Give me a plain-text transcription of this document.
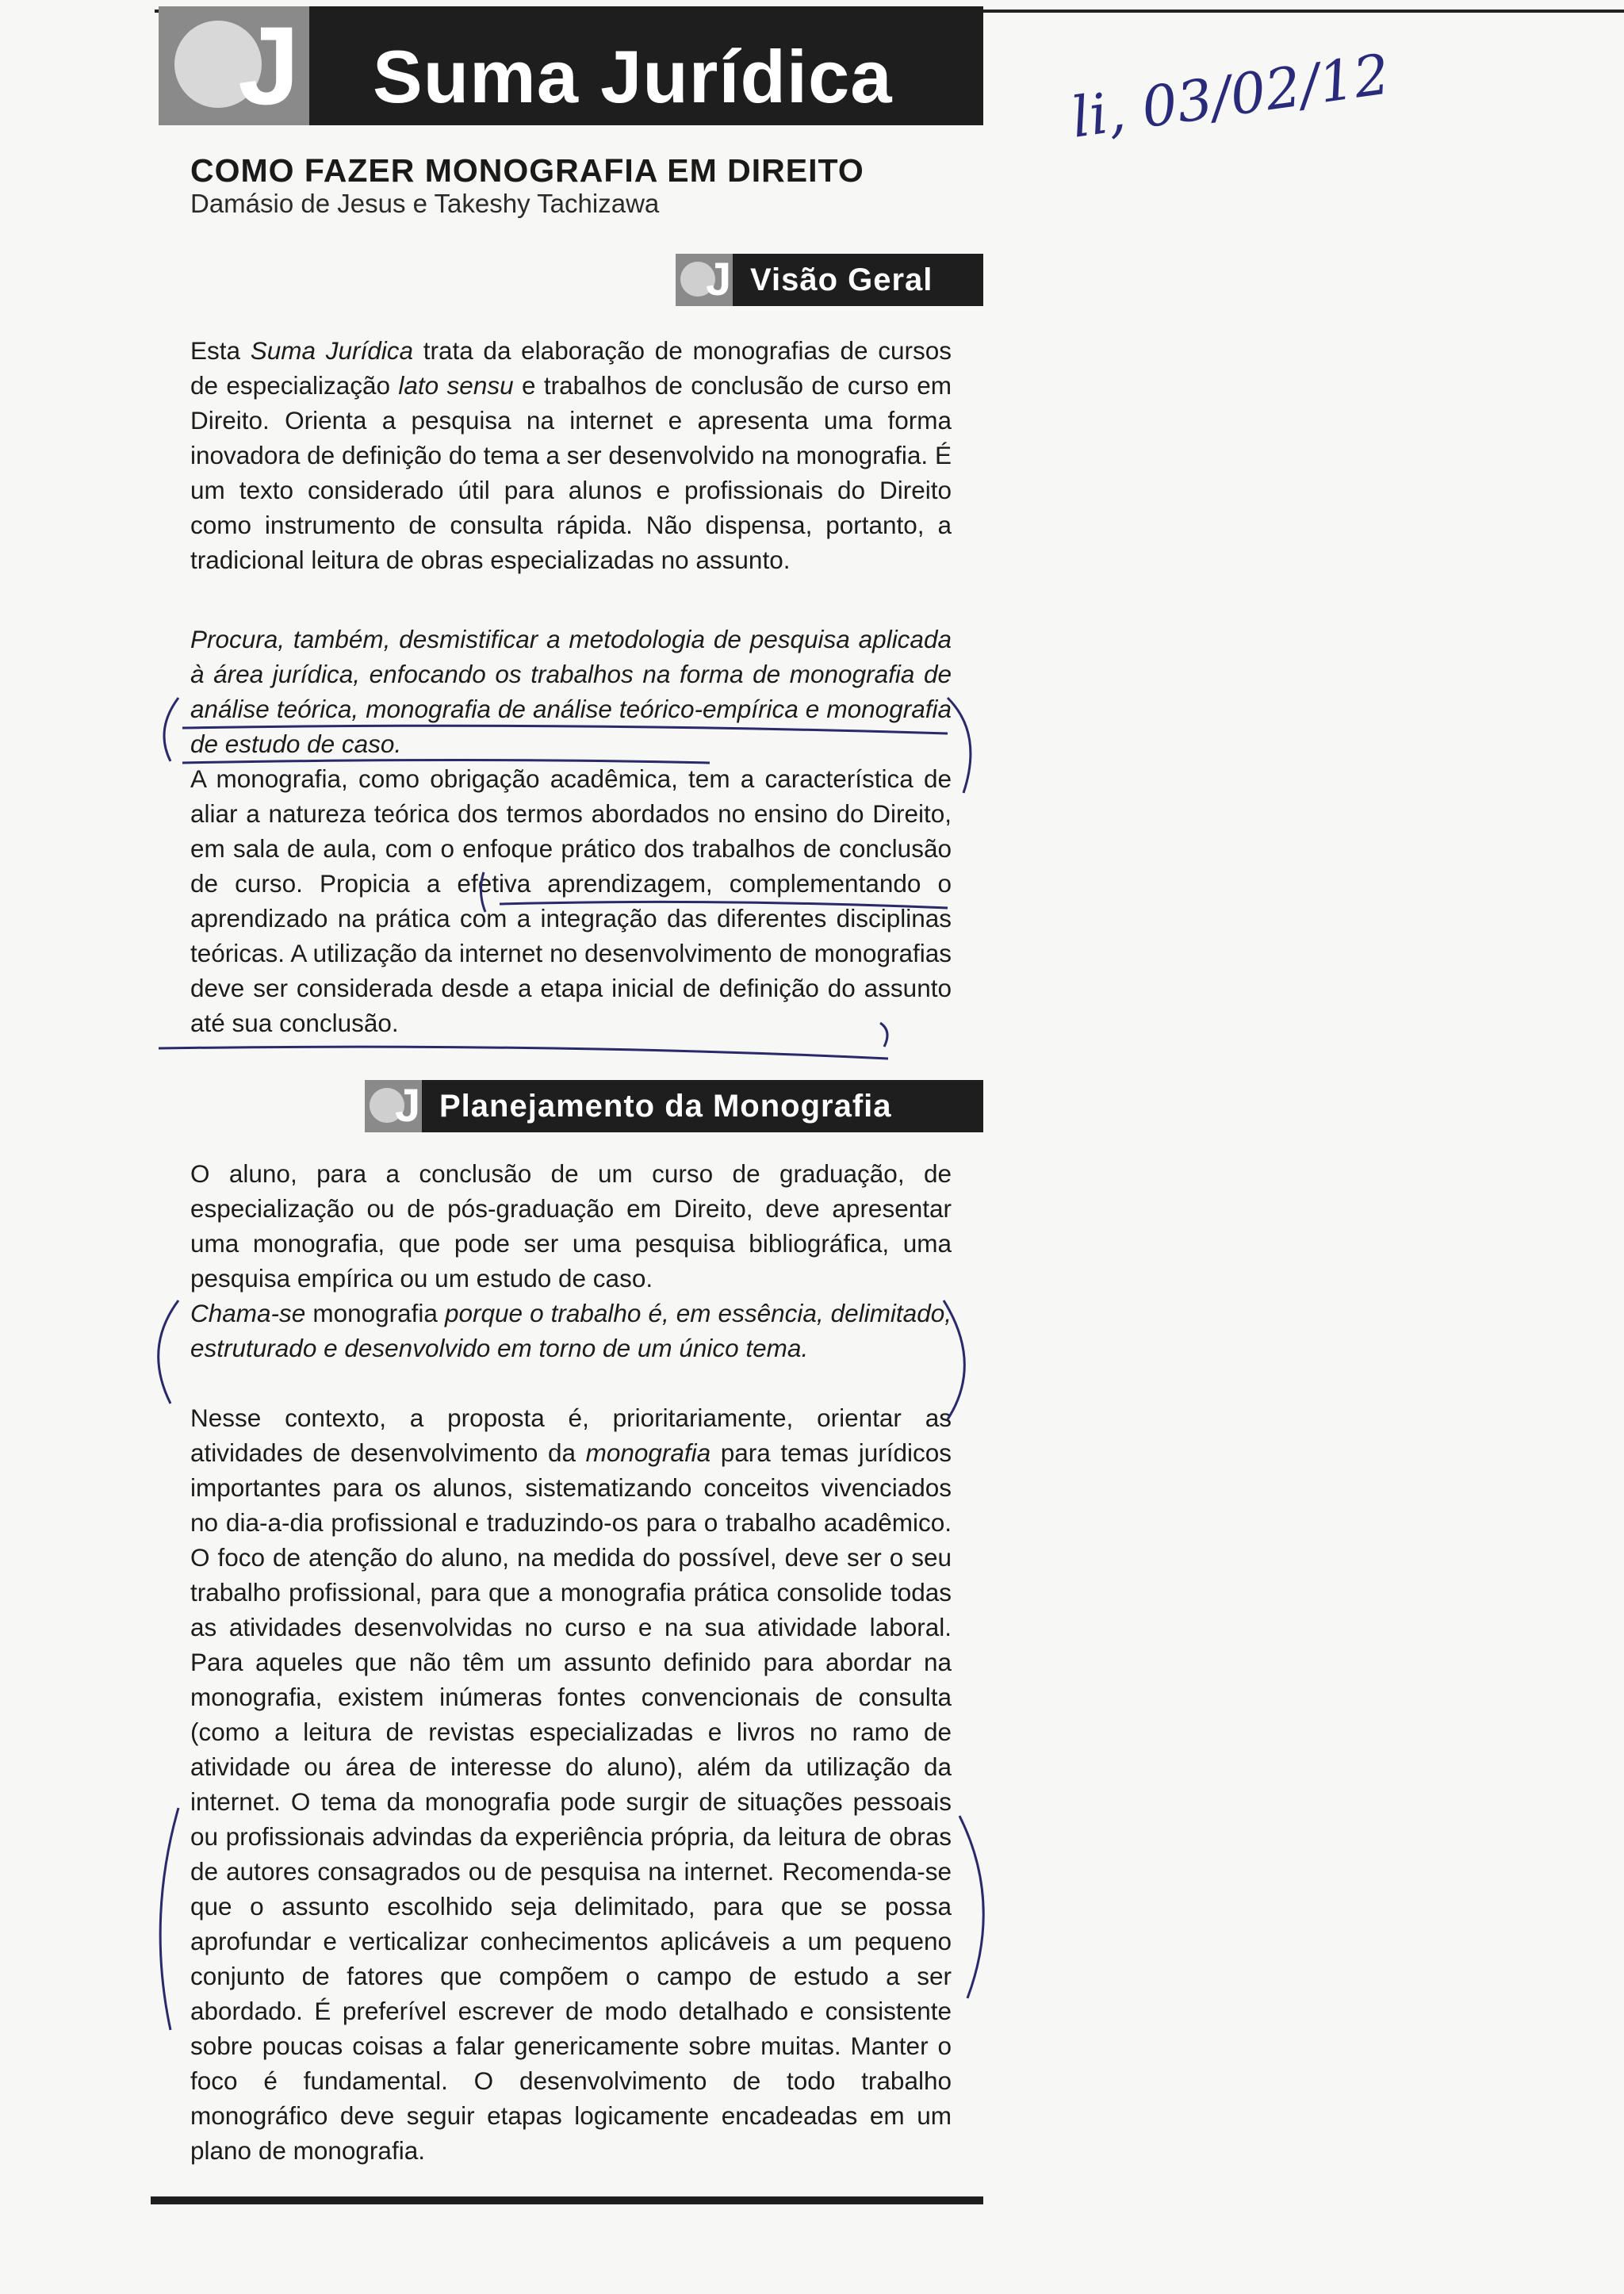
J Suma Jurídica	li, 03/02/12
COMO FAZER MONOGRAFIA EM DIREITO
Damásio de Jesus e Takeshy Tachizawa
J Visão Geral
Esta Suma Jurídica trata da elaboração de monografias de cursos de especialização lato sensu e trabalhos de conclusão de curso em Direito. Orienta a pesquisa na internet e apresenta uma forma inovadora de definição do tema a ser desenvolvido na monografia. É um texto considerado útil para alunos e profissionais do Direito como instrumento de consulta rápida. Não dispensa, portanto, a tradicional leitura de obras especializadas no assunto.
Procura, também, desmistificar a metodologia de pesquisa aplicada à área jurídica, enfocando os trabalhos na forma de monografia de análise teórica, monografia de análise teórico-empírica e monografia de estudo de caso.
A monografia, como obrigação acadêmica, tem a característica de aliar a natureza teórica dos termos abordados no ensino do Direito, em sala de aula, com o enfoque prático dos trabalhos de conclusão de curso. Propicia a efetiva aprendizagem, complementando o aprendizado na prática com a integração das diferentes disciplinas teóricas. A utilização da internet no desenvolvimento de monografias deve ser considerada desde a etapa inicial de definição do assunto até sua conclusão.
J Planejamento da Monografia
O aluno, para a conclusão de um curso de graduação, de especialização ou de pós-graduação em Direito, deve apresentar uma monografia, que pode ser uma pesquisa bibliográfica, uma pesquisa empírica ou um estudo de caso.
Chama-se monografia porque o trabalho é, em essência, delimitado, estruturado e desenvolvido em torno de um único tema.
Nesse contexto, a proposta é, prioritariamente, orientar as atividades de desenvolvimento da monografia para temas jurídicos importantes para os alunos, sistematizando conceitos vivenciados no dia-a-dia profissional e traduzindo-os para o trabalho acadêmico. O foco de atenção do aluno, na medida do possível, deve ser o seu trabalho profissional, para que a monografia prática consolide todas as atividades desenvolvidas no curso e na sua atividade laboral. Para aqueles que não têm um assunto definido para abordar na monografia, existem inúmeras fontes convencionais de consulta (como a leitura de revistas especializadas e livros no ramo de atividade ou área de interesse do aluno), além da utilização da internet. O tema da monografia pode surgir de situações pessoais ou profissionais advindas da experiência própria, da leitura de obras de autores consagrados ou de pesquisa na internet. Recomenda-se que o assunto escolhido seja delimitado, para que se possa aprofundar e verticalizar conhecimentos aplicáveis a um pequeno conjunto de fatores que compõem o campo de estudo a ser abordado. É preferível escrever de modo detalhado e consistente sobre poucas coisas a falar genericamente sobre muitas. Manter o foco é fundamental. O desenvolvimento de todo trabalho monográfico deve seguir etapas logicamente encadeadas em um plano de monografia.
